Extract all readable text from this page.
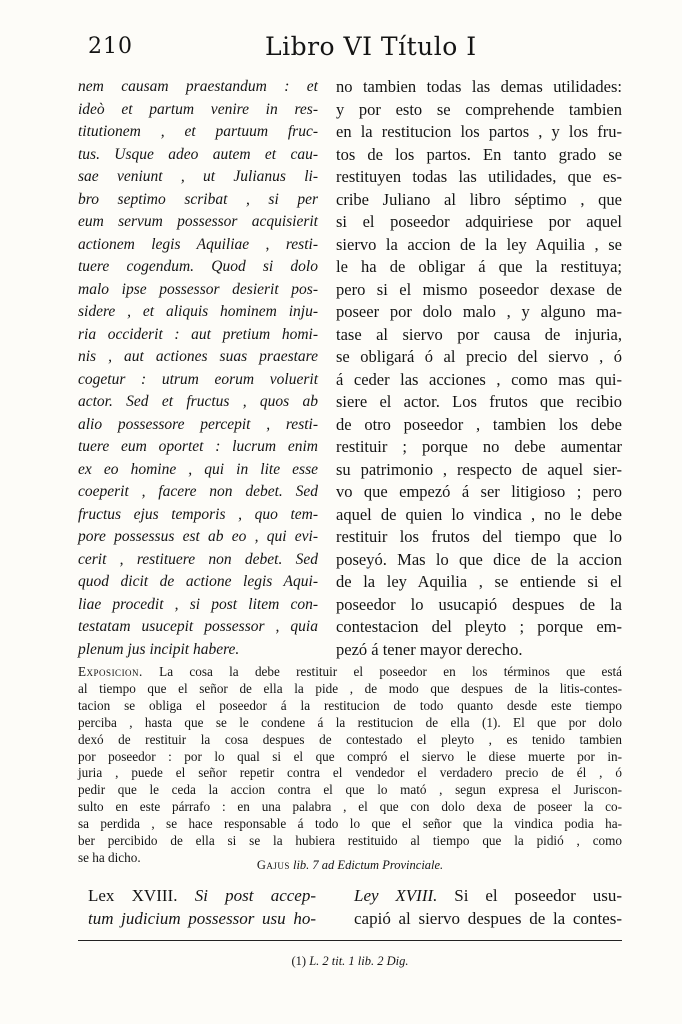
210	Libro VI Título I
nem causam praestandum : et
ideò et partum venire in res-
titutionem , et partuum fruc-
tus. Usque adeo autem et cau-
sae veniunt , ut Julianus li-
bro septimo scribat , si per
eum servum possessor acquisierit
actionem legis Aquiliae , resti-
tuere cogendum. Quod si dolo
malo ipse possessor desierit pos-
sidere , et aliquis hominem inju-
ria occiderit : aut pretium homi-
nis , aut actiones suas praestare
cogetur : utrum eorum voluerit
actor. Sed et fructus , quos ab
alio possessore percepit , resti-
tuere eum oportet : lucrum enim
ex eo homine , qui in lite esse
coeperit , facere non debet. Sed
fructus ejus temporis , quo tem-
pore possessus est ab eo , qui evi-
cerit , restituere non debet. Sed
quod dicit de actione legis Aqui-
liae procedit , si post litem con-
testatam usucepit possessor , quia
plenum jus incipit habere.
no tambien todas las demas utilidades:
y por esto se comprehende tambien
en la restitucion los partos , y los fru-
tos de los partos. En tanto grado se
restituyen todas las utilidades, que es-
cribe Juliano al libro séptimo , que
si el poseedor adquiriese por aquel
siervo la accion de la ley Aquilia , se
le ha de obligar á que la restituya;
pero si el mismo poseedor dexase de
poseer por dolo malo , y alguno ma-
tase al siervo por causa de injuria,
se obligará ó al precio del siervo , ó
á ceder las acciones , como mas qui-
siere el actor. Los frutos que recibio
de otro poseedor , tambien los debe
restituir ; porque no debe aumentar
su patrimonio , respecto de aquel sier-
vo que empezó á ser litigioso ; pero
aquel de quien lo vindica , no le debe
restituir los frutos del tiempo que lo
poseyó. Mas lo que dice de la accion
de la ley Aquilia , se entiende si el
poseedor lo usucapió despues de la
contestacion del pleyto ; porque em-
pezó á tener mayor derecho.
Exposicion. La cosa la debe restituir el poseedor en los términos que está
al tiempo que el señor de ella la pide , de modo que despues de la litis-contes-
tacion se obliga el poseedor á la restitucion de todo quanto desde este tiempo
perciba , hasta que se le condene á la restitucion de ella (1). El que por dolo
dexó de restituir la cosa despues de contestado el pleyto , es tenido tambien
por poseedor : por lo qual si el que compró el siervo le diese muerte por in-
juria , puede el señor repetir contra el vendedor el verdadero precio de él , ó
pedir que le ceda la accion contra el que lo mató , segun expresa el Juriscon-
sulto en este párrafo : en una palabra , el que con dolo dexa de poseer la co-
sa perdida , se hace responsable á todo lo que el señor que la vindica podia ha-
ber percibido de ella si se la hubiera restituido al tiempo que la pidió , como
se ha dicho.
Gajus lib. 7 ad Edictum Provinciale.
Lex XVIII. Si post accep-
tum judicium possessor usu ho-
Ley XVIII. Si el poseedor usu-
capió al siervo despues de la contes-
(1) L. 2 tit. 1 lib. 2 Dig.
